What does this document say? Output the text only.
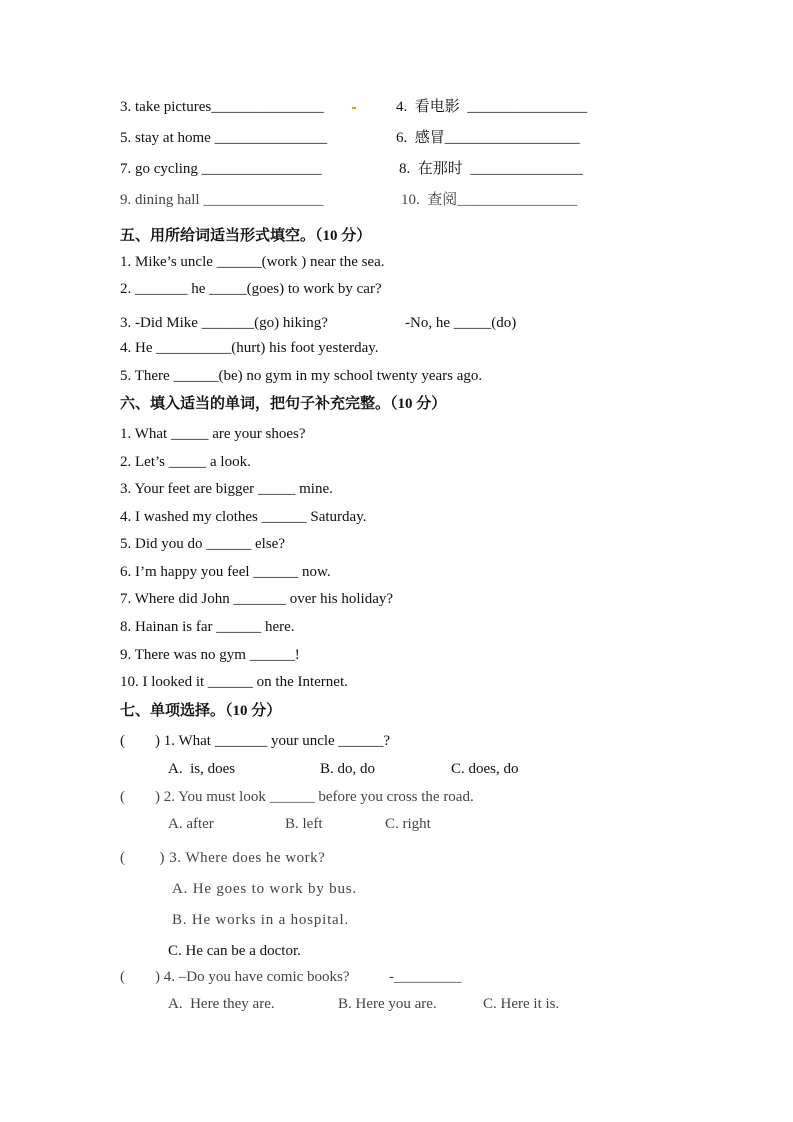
3. take pictures_______________	4.  看电影  ________________
5. stay at home _______________	6.  感冒__________________
7. go cycling ________________	8.  在那时  _______________
9. dining hall ________________	10.  查阅________________
五、用所给词适当形式填空。（10 分）
1. Mike’s uncle ______(work ) near the sea.
2. _______ he _____(goes) to work by car?
3. -Did Mike _______(go) hiking?	-No, he _____(do)
4. He __________(hurt) his foot yesterday.
5. There ______(be) no gym in my school twenty years ago.
六、填入适当的单词，把句子补充完整。（10 分）
1. What _____ are your shoes?
2. Let’s _____ a look.
3. Your feet are bigger _____ mine.
4. I washed my clothes ______ Saturday.
5. Did you do ______ else?
6. I’m happy you feel ______ now.
7. Where did John _______ over his holiday?
8. Hainan is far ______ here.
9. There was no gym ______!
10. I looked it ______ on the Internet.
七、单项选择。（10 分）
(        ) 1. What _______ your uncle ______?
A.  is, does	B. do, do	C. does, do
(        ) 2. You must look ______ before you cross the road.
A. after	B. left	C. right
(        ) 3. Where does he work?
A. He goes to work by bus.
B. He works in a hospital.
C. He can be a doctor.
(        ) 4. –Do you have comic books?	-_________
A.  Here they are.	B. Here you are.	C. Here it is.
